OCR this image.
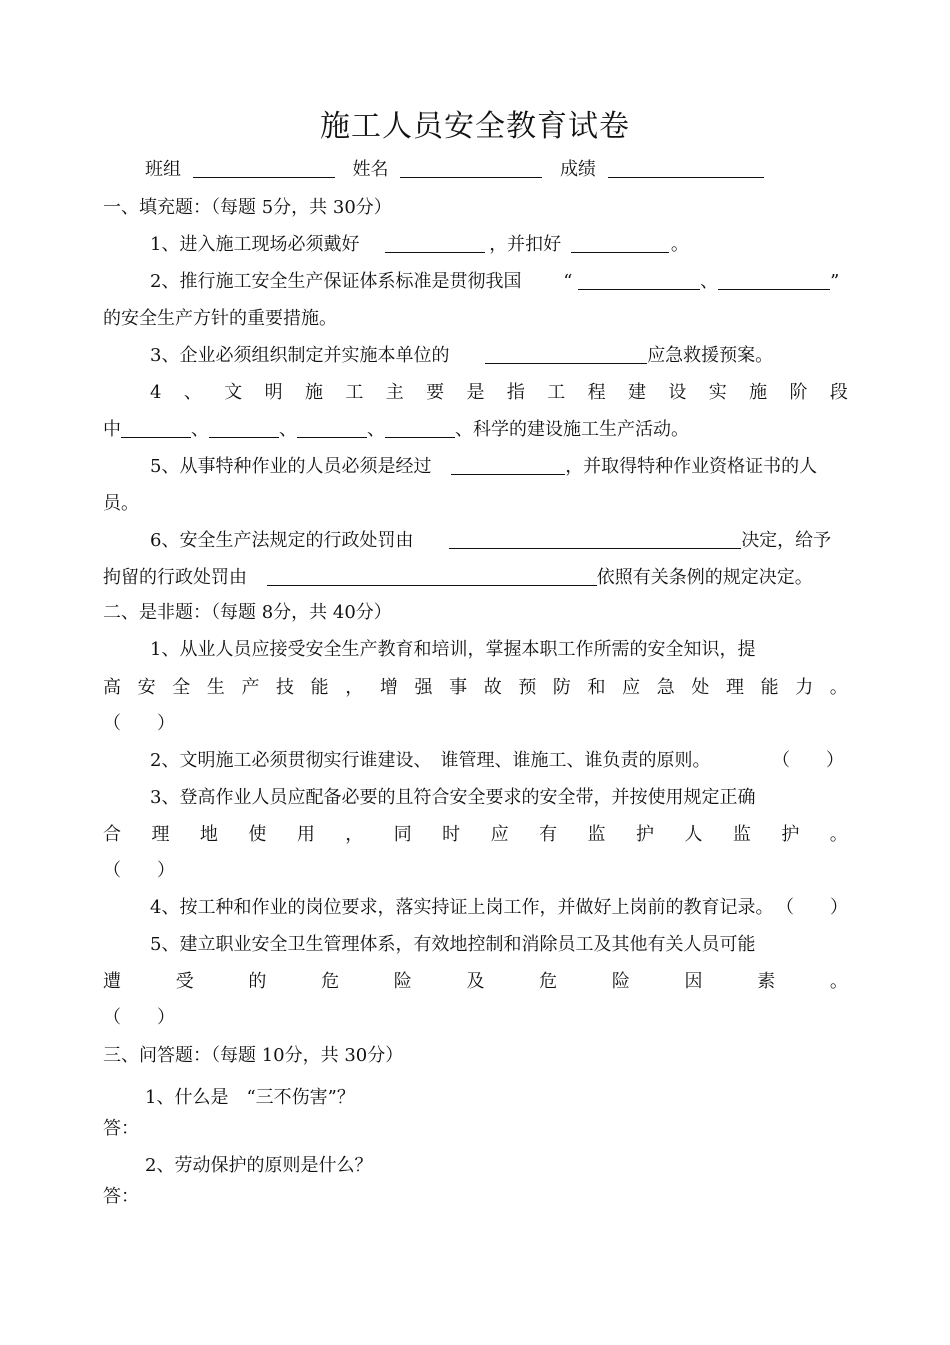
施工人员安全教育试卷
班组	姓名	成绩
一、填充题：（每题 5分，共 30分）
1、进入施工现场必须戴好	，并扣好	。
2、推行施工安全生产保证体系标准是贯彻我国 “	、	”
的安全生产方针的重要措施。
3、企业必须组织制定并实施本单位的	应急救援预案。
4 、 文 明 施 工 主 要 是 指 工 程 建 设 实 施 阶 段
中	、	、	、	、科学的建设施工生产活动。
5、从事特种作业的人员必须是经过	，并取得特种作业资格证书的人
员。
6、安全生产法规定的行政处罚由	决定，给予
拘留的行政处罚由	依照有关条例的规定决定。
二、是非题：（每题 8分，共 40分）
1、从业人员应接受安全生产教育和培训，掌握本职工作所需的安全知识，提
高 安 全 生 产 技 能 ， 增 强 事 故 预 防 和 应 急 处 理 能 力 。
（　　）
2、文明施工必须贯彻实行谁建设、　谁管理、谁施工、谁负责的原则。	（　　）
3、登高作业人员应配备必要的且符合安全要求的安全带，并按使用规定正确
合 理 地 使 用 ， 同 时 应 有 监 护 人 监 护 。
（　　）
4、按工种和作业的岗位要求，落实持证上岗工作，并做好上岗前的教育记录。 （　　）
5、建立职业安全卫生管理体系，有效地控制和消除员工及其他有关人员可能
遭	受	的	危	险	及	危	险	因	素	。
（　　）
三、问答题：（每题 10分，共 30分）
1、什么是　“三不伤害”？
答：
2、劳动保护的原则是什么？
答：
